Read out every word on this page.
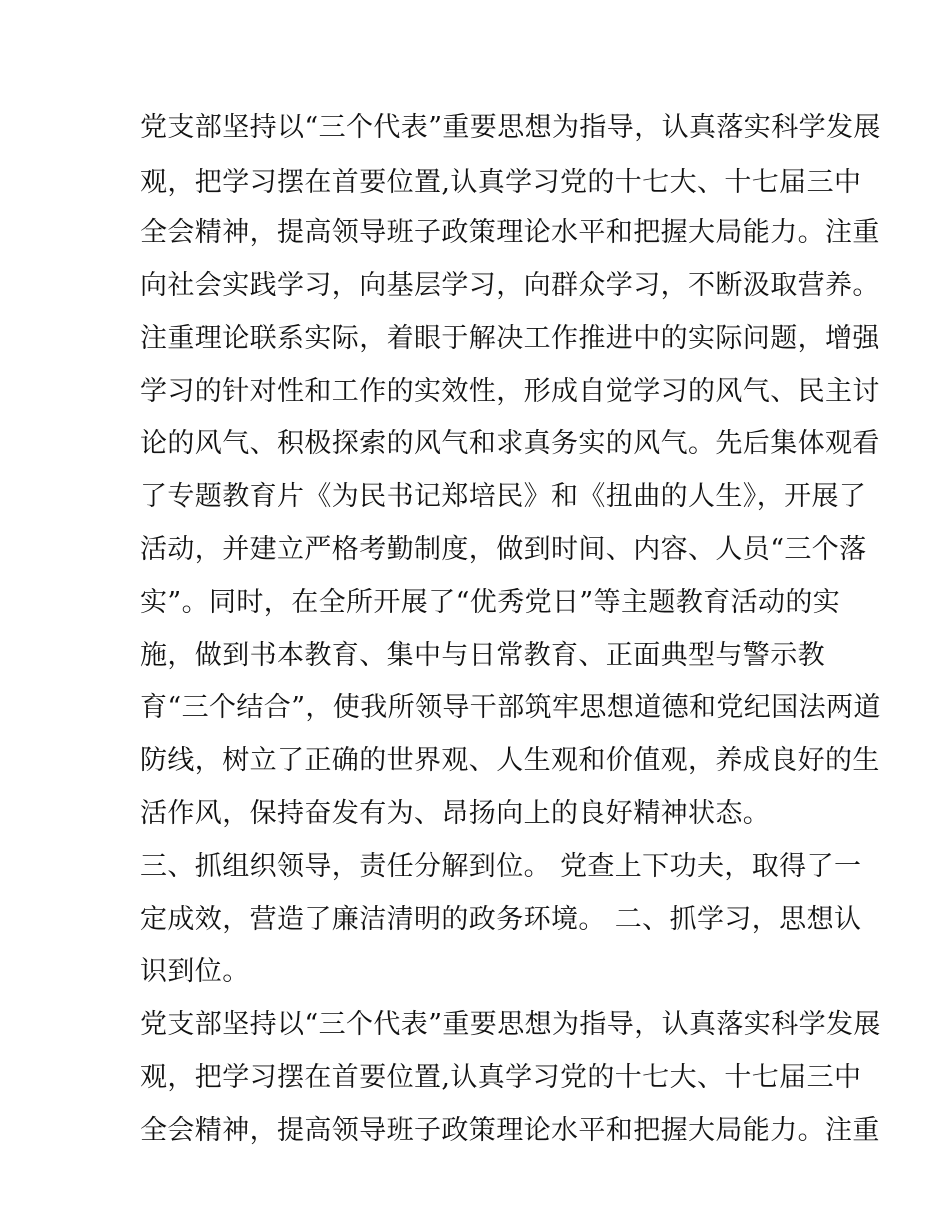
党支部坚持以“三个代表”重要思想为指导，认真落实科学发展
观，把学习摆在首要位置,认真学习党的十七大、十七届三中
全会精神，提高领导班子政策理论水平和把握大局能力。注重
向社会实践学习，向基层学习，向群众学习，不断汲取营养。
注重理论联系实际，着眼于解决工作推进中的实际问题，增强
学习的针对性和工作的实效性，形成自觉学习的风气、民主讨
论的风气、积极探索的风气和求真务实的风气。先后集体观看
了专题教育片《为民书记郑培民》和《扭曲的人生》，开展了
活动，并建立严格考勤制度，做到时间、内容、人员“三个落
实”。同时，在全所开展了“优秀党日”等主题教育活动的实
施，做到书本教育、集中与日常教育、正面典型与警示教
育“三个结合”，使我所领导干部筑牢思想道德和党纪国法两道
防线，树立了正确的世界观、人生观和价值观，养成良好的生
活作风，保持奋发有为、昂扬向上的良好精神状态。
三、抓组织领导，责任分解到位。 党查上下功夫，取得了一
定成效，营造了廉洁清明的政务环境。 二、抓学习，思想认
识到位。
党支部坚持以“三个代表”重要思想为指导，认真落实科学发展
观，把学习摆在首要位置,认真学习党的十七大、十七届三中
全会精神，提高领导班子政策理论水平和把握大局能力。注重
